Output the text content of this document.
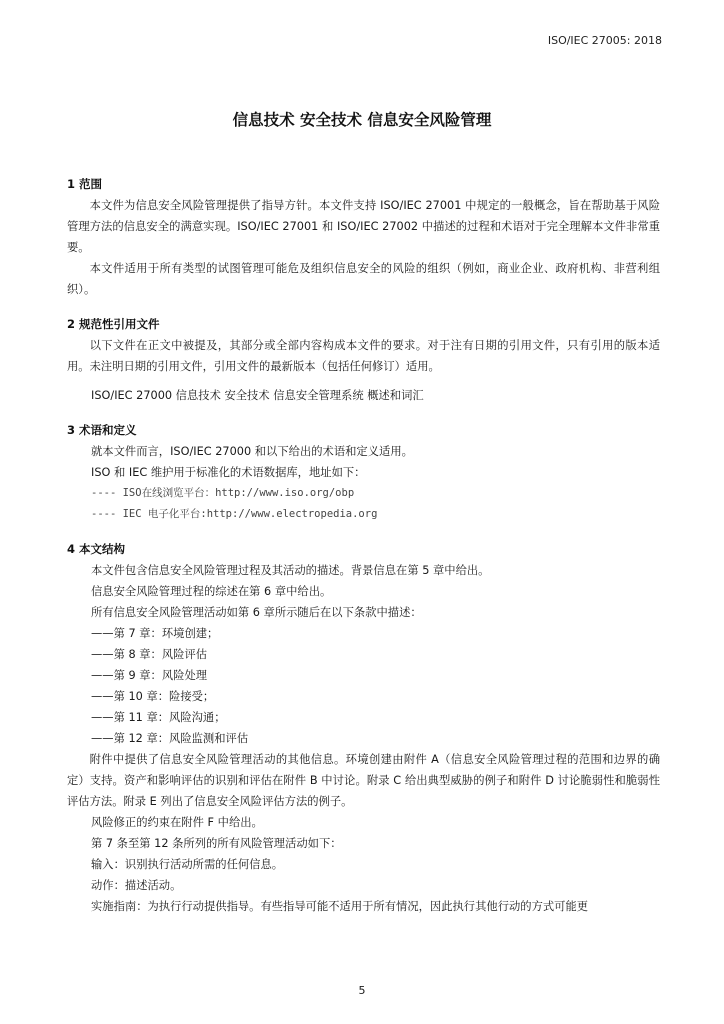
ISO/IEC 27005: 2018
信息技术 安全技术 信息安全风险管理
1 范围

本文件为信息安全风险管理提供了指导方针。本文件支持 ISO/IEC 27001 中规定的一般概念，旨在帮助基于风险管理方法的信息安全的满意实现。ISO/IEC 27001 和 ISO/IEC 27002 中描述的过程和术语对于完全理解本文件非常重要。

本文件适用于所有类型的试图管理可能危及组织信息安全的风险的组织（例如，商业企业、政府机构、非营利组织）。

2 规范性引用文件

以下文件在正文中被提及，其部分或全部内容构成本文件的要求。对于注有日期的引用文件，只有引用的版本适用。未注明日期的引用文件，引用文件的最新版本（包括任何修订）适用。

ISO/IEC 27000 信息技术 安全技术 信息安全管理系统 概述和词汇

3 术语和定义

就本文件而言，ISO/IEC 27000 和以下给出的术语和定义适用。

ISO 和 IEC 维护用于标准化的术语数据库，地址如下：

---- ISO在线浏览平台：http://www.iso.org/obp

---- IEC 电子化平台:http://www.electropedia.org

4 本文结构

本文件包含信息安全风险管理过程及其活动的描述。背景信息在第 5 章中给出。

信息安全风险管理过程的综述在第 6 章中给出。

所有信息安全风险管理活动如第 6 章所示随后在以下条款中描述：

——第 7 章：环境创建；

——第 8 章：风险评估

——第 9 章：风险处理

——第 10 章：险接受；

——第 11 章：风险沟通；

——第 12 章：风险监测和评估

附件中提供了信息安全风险管理活动的其他信息。环境创建由附件 A（信息安全风险管理过程的范围和边界的确定）支持。资产和影响评估的识别和评估在附件 B 中讨论。附录 C 给出典型威胁的例子和附件 D 讨论脆弱性和脆弱性评估方法。附录 E 列出了信息安全风险评估方法的例子。

风险修正的约束在附件 F 中给出。

第 7 条至第 12 条所列的所有风险管理活动如下：

输入：识别执行活动所需的任何信息。

动作：描述活动。

实施指南：为执行行动提供指导。有些指导可能不适用于所有情况，因此执行其他行动的方式可能更

5
